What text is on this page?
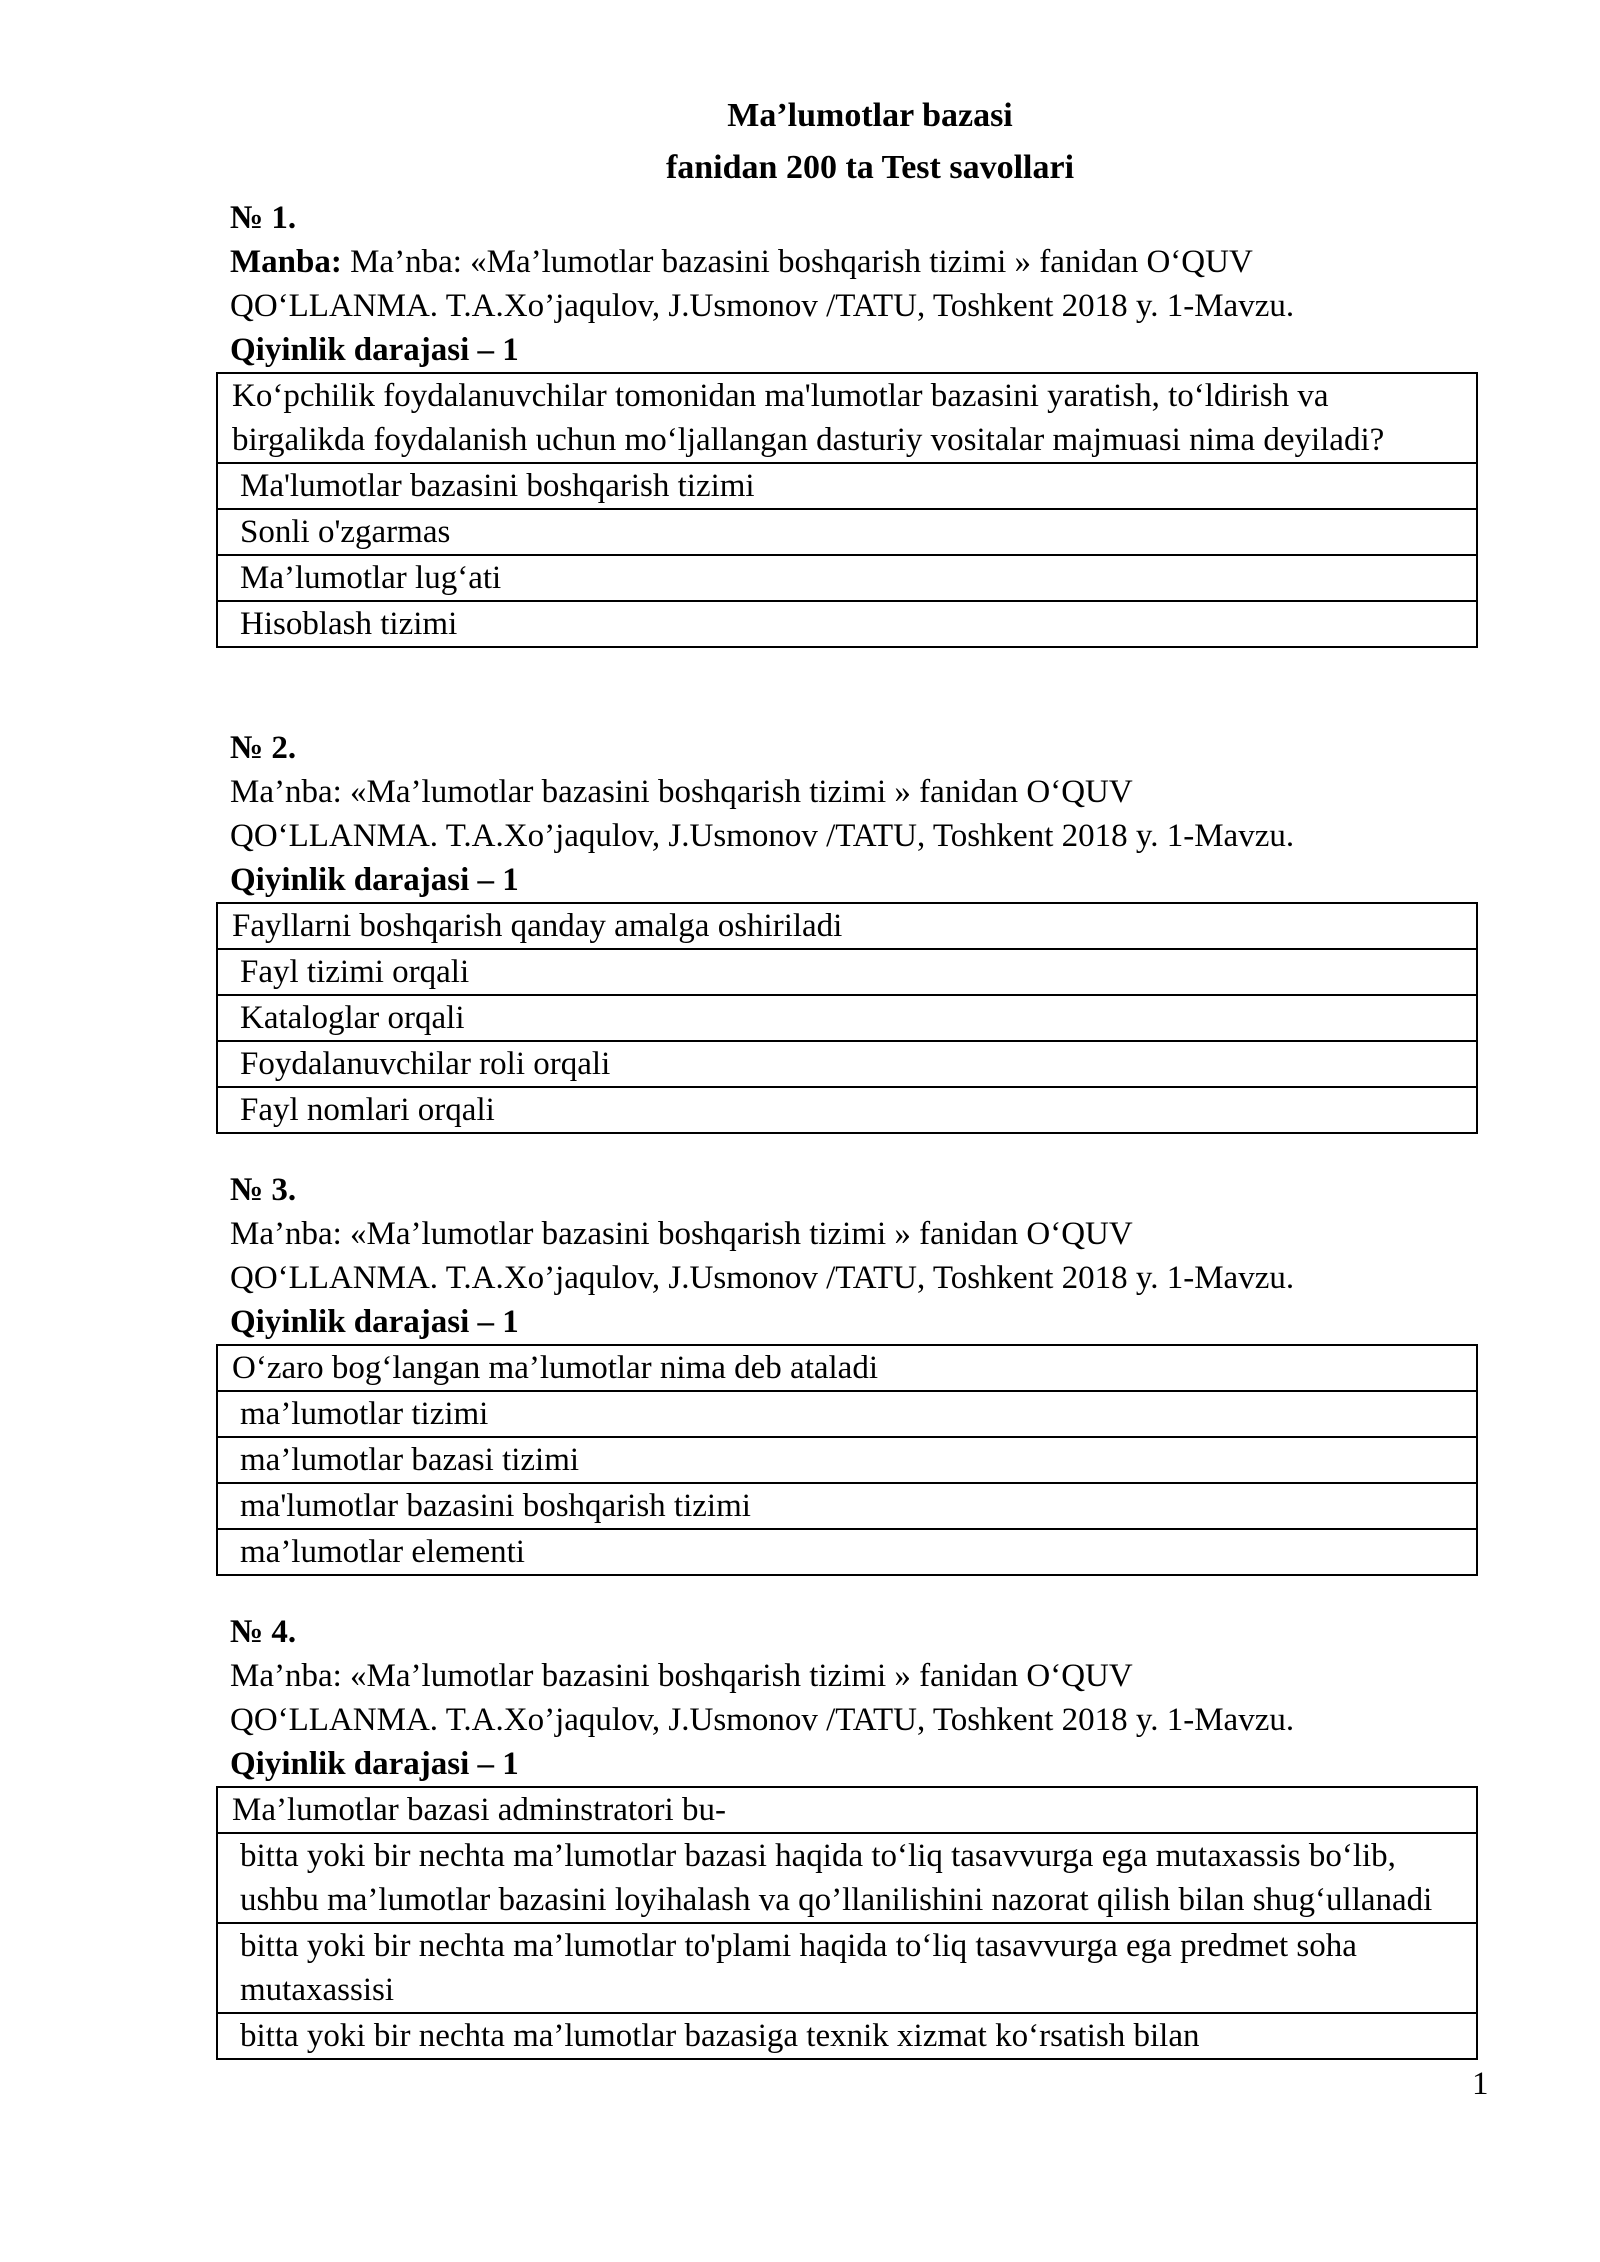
Ma’lumotlar bazasi
fanidan 200 ta Test savollari
№ 1.
Manba: Ma’nba: «Ma’lumotlar bazasini boshqarish tizimi » fanidan O‘QUV
QO‘LLANMA. T.A.Xo’jaqulov, J.Usmonov /TATU, Toshkent 2018 y. 1-Mavzu.
Qiyinlik darajasi – 1
Ko‘pchilik foydalanuvchilar tomonidan ma'lumotlar bazasini yaratish, to‘ldirish va birgalikda foydalanish uchun mo‘ljallangan dasturiy vositalar majmuasi nima deyiladi?
Ma'lumotlar bazasini boshqarish tizimi
Sonli o'zgarmas
Ma’lumotlar lug‘ati
Hisoblash tizimi
№ 2.
Ma’nba: «Ma’lumotlar bazasini boshqarish tizimi » fanidan O‘QUV
QO‘LLANMA. T.A.Xo’jaqulov, J.Usmonov /TATU, Toshkent 2018 y. 1-Mavzu.
Qiyinlik darajasi – 1
Fayllarni boshqarish qanday amalga oshiriladi
Fayl tizimi orqali
Kataloglar orqali
Foydalanuvchilar roli orqali
Fayl nomlari orqali
№ 3.
Ma’nba: «Ma’lumotlar bazasini boshqarish tizimi » fanidan O‘QUV
QO‘LLANMA. T.A.Xo’jaqulov, J.Usmonov /TATU, Toshkent 2018 y. 1-Mavzu.
Qiyinlik darajasi – 1
O‘zaro bog‘langan ma’lumotlar nima deb ataladi
ma’lumotlar tizimi
ma’lumotlar bazasi tizimi
ma'lumotlar bazasini boshqarish tizimi
ma’lumotlar elementi
№ 4.
Ma’nba: «Ma’lumotlar bazasini boshqarish tizimi » fanidan O‘QUV
QO‘LLANMA. T.A.Xo’jaqulov, J.Usmonov /TATU, Toshkent 2018 y. 1-Mavzu.
Qiyinlik darajasi – 1
Ma’lumotlar bazasi adminstratori bu-
bitta yoki bir nechta ma’lumotlar bazasi haqida to‘liq tasavvurga ega mutaxassis bo‘lib, ushbu ma’lumotlar bazasini loyihalash va qo’llanilishini nazorat qilish bilan shug‘ullanadi
bitta yoki bir nechta ma’lumotlar to'plami haqida to‘liq tasavvurga ega predmet soha mutaxassisi
bitta yoki bir nechta ma’lumotlar bazasiga texnik xizmat ko‘rsatish bilan
1
